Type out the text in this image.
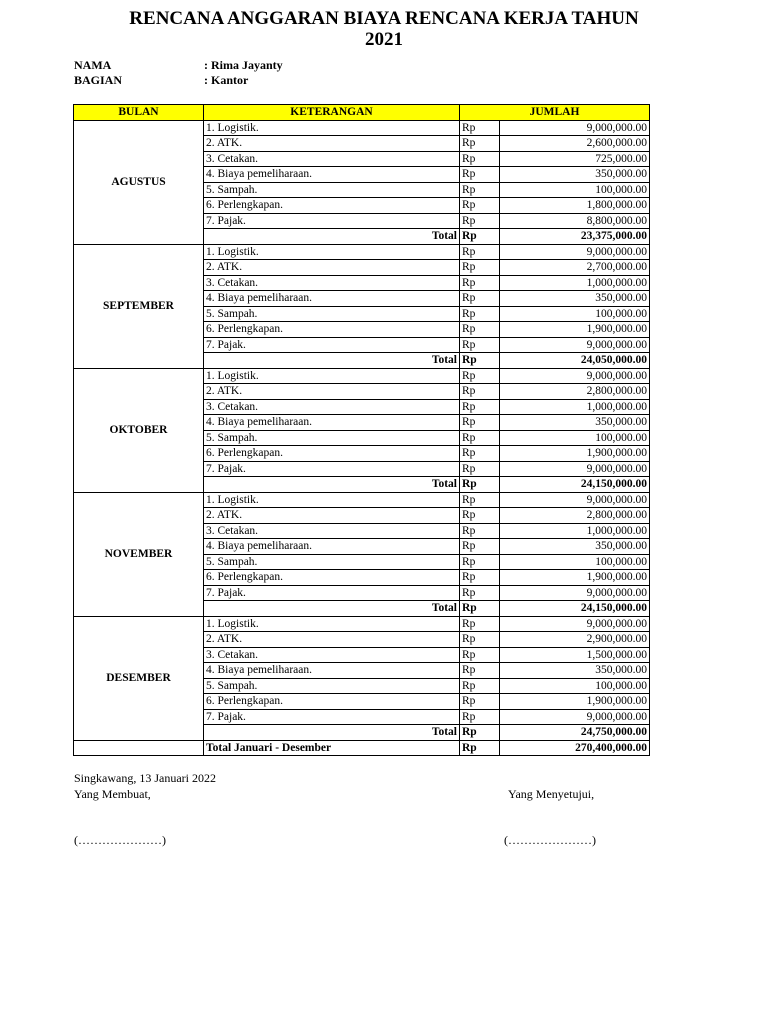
RENCANA ANGGARAN BIAYA RENCANA KERJA TAHUN
2021
NAMA	: Rima Jayanty
BAGIAN	: Kantor
BULAN	KETERANGAN	JUMLAH	
AGUSTUS	1. Logistik.	Rp	9,000,000.00
	2. ATK.	Rp	2,600,000.00
	3. Cetakan.	Rp	725,000.00
	4. Biaya pemeliharaan.	Rp	350,000.00
	5. Sampah.	Rp	100,000.00
	6. Perlengkapan.	Rp	1,800,000.00
	7. Pajak.	Rp	8,800,000.00
	Total	Rp	23,375,000.00
SEPTEMBER	1. Logistik.	Rp	9,000,000.00
	2. ATK.	Rp	2,700,000.00
	3. Cetakan.	Rp	1,000,000.00
	4. Biaya pemeliharaan.	Rp	350,000.00
	5. Sampah.	Rp	100,000.00
	6. Perlengkapan.	Rp	1,900,000.00
	7. Pajak.	Rp	9,000,000.00
	Total	Rp	24,050,000.00
OKTOBER	1. Logistik.	Rp	9,000,000.00
	2. ATK.	Rp	2,800,000.00
	3. Cetakan.	Rp	1,000,000.00
	4. Biaya pemeliharaan.	Rp	350,000.00
	5. Sampah.	Rp	100,000.00
	6. Perlengkapan.	Rp	1,900,000.00
	7. Pajak.	Rp	9,000,000.00
	Total	Rp	24,150,000.00
NOVEMBER	1. Logistik.	Rp	9,000,000.00
	2. ATK.	Rp	2,800,000.00
	3. Cetakan.	Rp	1,000,000.00
	4. Biaya pemeliharaan.	Rp	350,000.00
	5. Sampah.	Rp	100,000.00
	6. Perlengkapan.	Rp	1,900,000.00
	7. Pajak.	Rp	9,000,000.00
	Total	Rp	24,150,000.00
DESEMBER	1. Logistik.	Rp	9,000,000.00
	2. ATK.	Rp	2,900,000.00
	3. Cetakan.	Rp	1,500,000.00
	4. Biaya pemeliharaan.	Rp	350,000.00
	5. Sampah.	Rp	100,000.00
	6. Perlengkapan.	Rp	1,900,000.00
	7. Pajak.	Rp	9,000,000.00
	Total	Rp	24,750,000.00
	Total Januari - Desember	Rp	270,400,000.00
Singkawang, 13 Januari 2022
Yang Membuat,	Yang Menyetujui,
(…………………)	(…………………)
